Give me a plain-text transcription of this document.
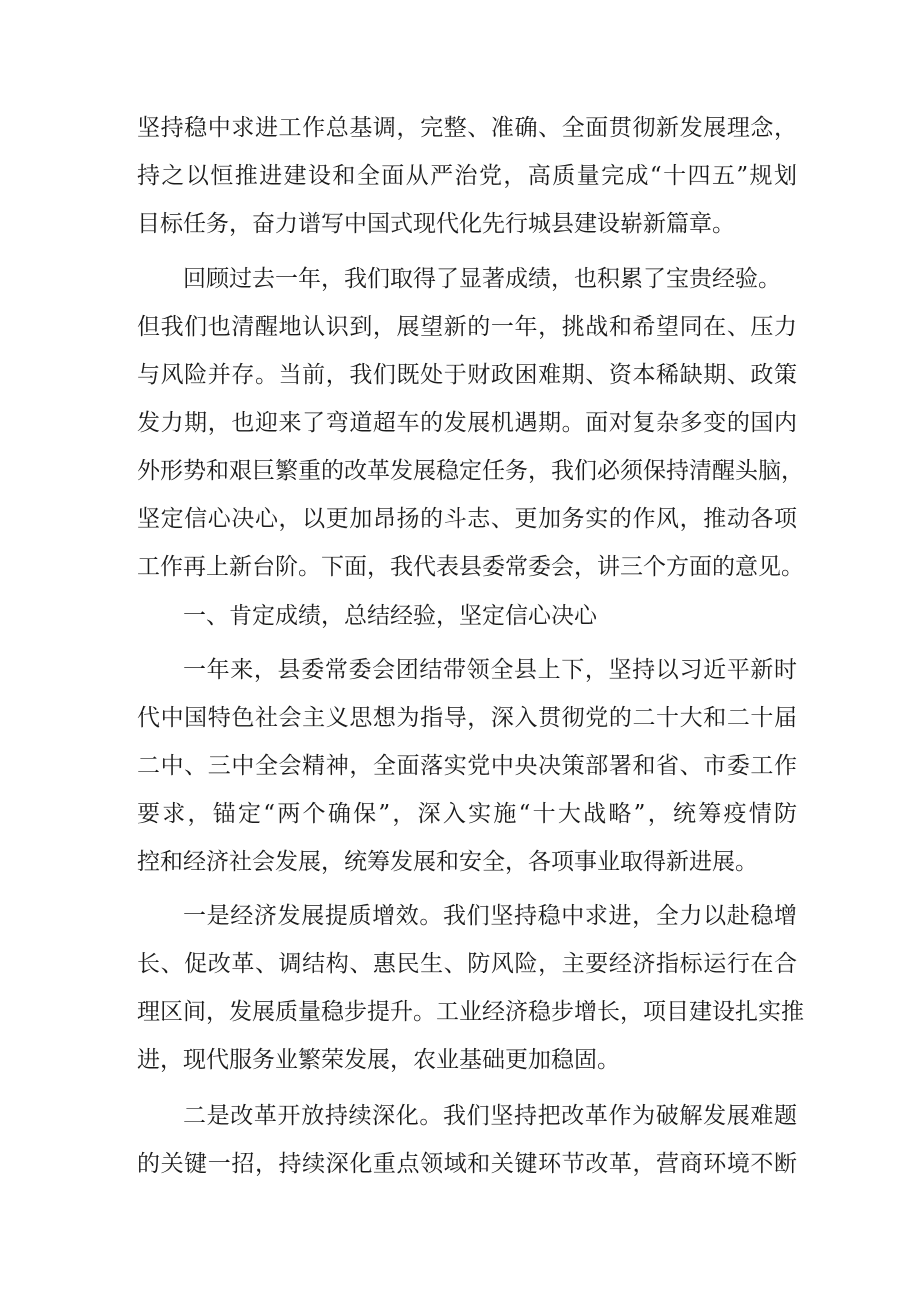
坚持稳中求进工作总基调，完整、准确、全面贯彻新发展理念，
持之以恒推进建设和全面从严治党，高质量完成“十四五”规划
目标任务，奋力谱写中国式现代化先行城县建设崭新篇章。
回顾过去一年，我们取得了显著成绩，也积累了宝贵经验。
但我们也清醒地认识到，展望新的一年，挑战和希望同在、压力
与风险并存。当前，我们既处于财政困难期、资本稀缺期、政策
发力期，也迎来了弯道超车的发展机遇期。面对复杂多变的国内
外形势和艰巨繁重的改革发展稳定任务，我们必须保持清醒头脑，
坚定信心决心，以更加昂扬的斗志、更加务实的作风，推动各项
工作再上新台阶。下面，我代表县委常委会，讲三个方面的意见。
一、肯定成绩，总结经验，坚定信心决心
一年来，县委常委会团结带领全县上下，坚持以习近平新时
代中国特色社会主义思想为指导，深入贯彻党的二十大和二十届
二中、三中全会精神，全面落实党中央决策部署和省、市委工作
要求，锚定“两个确保”，深入实施“十大战略”，统筹疫情防
控和经济社会发展，统筹发展和安全，各项事业取得新进展。
一是经济发展提质增效。我们坚持稳中求进，全力以赴稳增
长、促改革、调结构、惠民生、防风险，主要经济指标运行在合
理区间，发展质量稳步提升。工业经济稳步增长，项目建设扎实推
进，现代服务业繁荣发展，农业基础更加稳固。
二是改革开放持续深化。我们坚持把改革作为破解发展难题
的关键一招，持续深化重点领域和关键环节改革，营商环境不断
